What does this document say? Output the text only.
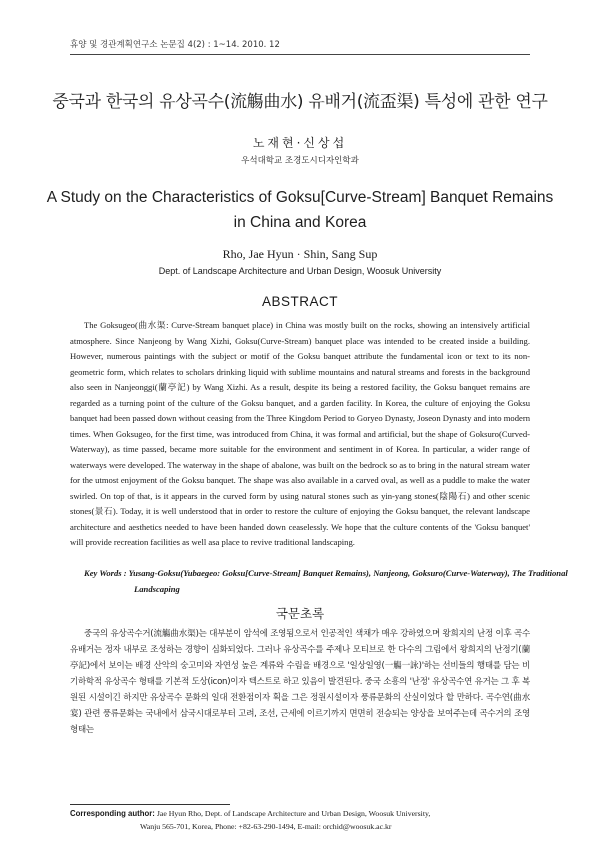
휴양 및 경관계획연구소 논문집 4(2) : 1~14. 2010. 12
중국과 한국의 유상곡수(流觴曲水) 유배거(流盃渠) 특성에 관한 연구
노재현·신상섭
우석대학교 조경도시디자인학과
A Study on the Characteristics of Goksu[Curve-Stream] Banquet Remains
in China and Korea
Rho, Jae Hyun · Shin, Sang Sup
Dept. of Landscape Architecture and Urban Design, Woosuk University
ABSTRACT
The Goksugeo(曲水渠: Curve-Stream banquet place) in China was mostly built on the rocks, showing an intensively artificial atmosphere. Since Nanjeong by Wang Xizhi, Goksu(Curve-Stream) banquet place was intended to be created inside a building. However, numerous paintings with the subject or motif of the Goksu banquet attribute the fundamental icon or text to its non-geometric form, which relates to scholars drinking liquid with sublime mountains and natural streams and forests in the background also seen in Nanjeonggi(蘭亭記) by Wang Xizhi. As a result, despite its being a restored facility, the Goksu banquet remains are regarded as a turning point of the culture of the Goksu banquet, and a garden facility. In Korea, the culture of enjoying the Goksu banquet had been passed down without ceasing from the Three Kingdom Period to Goryeo Dynasty, Joseon Dynasty and into modern times. When Goksugeo, for the first time, was introduced from China, it was formal and artificial, but the shape of Goksuro(Curved-Waterway), as time passed, became more suitable for the environment and sentiment in of Korea. In particular, a wider range of waterways were developed. The waterway in the shape of abalone, was built on the bedrock so as to bring in the natural stream water for the utmost enjoyment of the Goksu banquet. The shape was also available in a carved oval, as well as a puddle to make the water swirled. On top of that, is it appears in the curved form by using natural stones such as yin-yang stones(陰陽石) and other scenic stones(景石). Today, it is well understood that in order to restore the culture of enjoying the Goksu banquet, the relevant landscape architecture and aesthetics needed to have been handed down ceaselessly. We hope that the culture contents of the 'Goksu banquet' will provide recreation facilities as well asa place to revive traditional landscaping.
Key Words : Yusang-Goksu(Yubaegeo: Goksu[Curve-Stream] Banquet Remains), Nanjeong, Goksuro(Curve-Waterway), The Traditional Landscaping
국문초록
중국의 유상곡수거(流觴曲水渠)는 대부분이 암석에 조영됨으로서 인공적인 색채가 매우 강하였으며 왕희지의 난정 이후 곡수 유배거는 정자 내부로 조성하는 경향이 심화되었다. 그러나 유상곡수를 주제나 모티브로 한 다수의 그림에서 왕희지의 난정기(蘭亭記)에서 보이는 배경 산악의 숭고미와 자연성 높은 계류와 수림을 배경으로 '일상일영(一觴一詠)'하는 선비들의 행태를 담는 비기하학적 유상곡수 형태를 기본적 도상(icon)이자 텍스트로 하고 있음이 발견된다. 중국 소흥의 '난정' 유상곡수연 유거는 그 후 복원된 시설이긴 하지만 유상곡수 문화의 일대 전환점이자 획을 그은 정원시설이자 풍류문화의 산실이었다 할 만하다. 곡수연(曲水宴) 관련 풍류문화는 국내에서 삼국시대로부터 고려, 조선, 근세에 이르기까지 면면히 전승되는 양상을 보여주는데 곡수거의 조영형태는
Corresponding author: Jae Hyun Rho, Dept. of Landscape Architecture and Urban Design, Woosuk University,
Wanju 565-701, Korea, Phone: +82-63-290-1494, E-mail: orchid@woosuk.ac.kr
